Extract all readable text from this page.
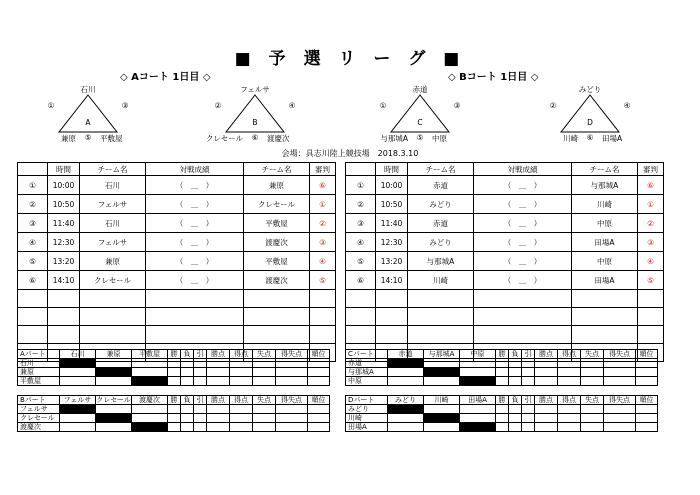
■ 予 選 リ ー グ ■
◇ Aコート 1日目 ◇	◇ Bコート 1日目 ◇
石川
A
①	③
⑤
兼原	平敷屋
フェルサ
B
②	④
⑥
クレセール	渡慶次
赤道
C
①	③
⑤
与那城A	中原
みどり
D
②	④
⑥
川崎	田場A
会場：具志川陸上競技場　2018.3.10
	時間	チーム名	対戦成績	チーム名	審判
①	10:00	石川	（　＿　）	兼原	⑥
②	10:50	フェルサ	（　＿　）	クレセール	①
③	11:40	石川	（　＿　）	平敷屋	②
④	12:30	フェルサ	（　＿　）	渡慶次	③
⑤	13:20	兼原	（　＿　）	平敷屋	④
⑥	14:10	クレセール	（　＿　）	渡慶次	⑤

	時間	チーム名	対戦成績	チーム名	審判
①	10:00	赤道	（　＿　）	与那城A	⑥
②	10:50	みどり	（　＿　）	川崎	①
③	11:40	赤道	（　＿　）	中原	②
④	12:30	みどり	（　＿　）	田場A	③
⑤	13:20	与那城A	（　＿　）	中原	④
⑥	14:10	川崎	（　＿　）	田場A	⑤

Aパート	石川	兼原	平敷屋	勝	負	引	勝点	得点	失点	得失点	順位
石川											
兼原											
平敷屋											
Cパート	赤道	与那城A	中原	勝	負	引	勝点	得点	失点	得失点	順位
赤道											
与那城A											
中原											
Bパート	フェルサ	クレセール	渡慶次	勝	負	引	勝点	得点	失点	得失点	順位
フェルサ											
クレセール											
渡慶次											
Dパート	みどり	川崎	田場A	勝	負	引	勝点	得点	失点	得失点	順位
みどり											
川崎											
田場A											
